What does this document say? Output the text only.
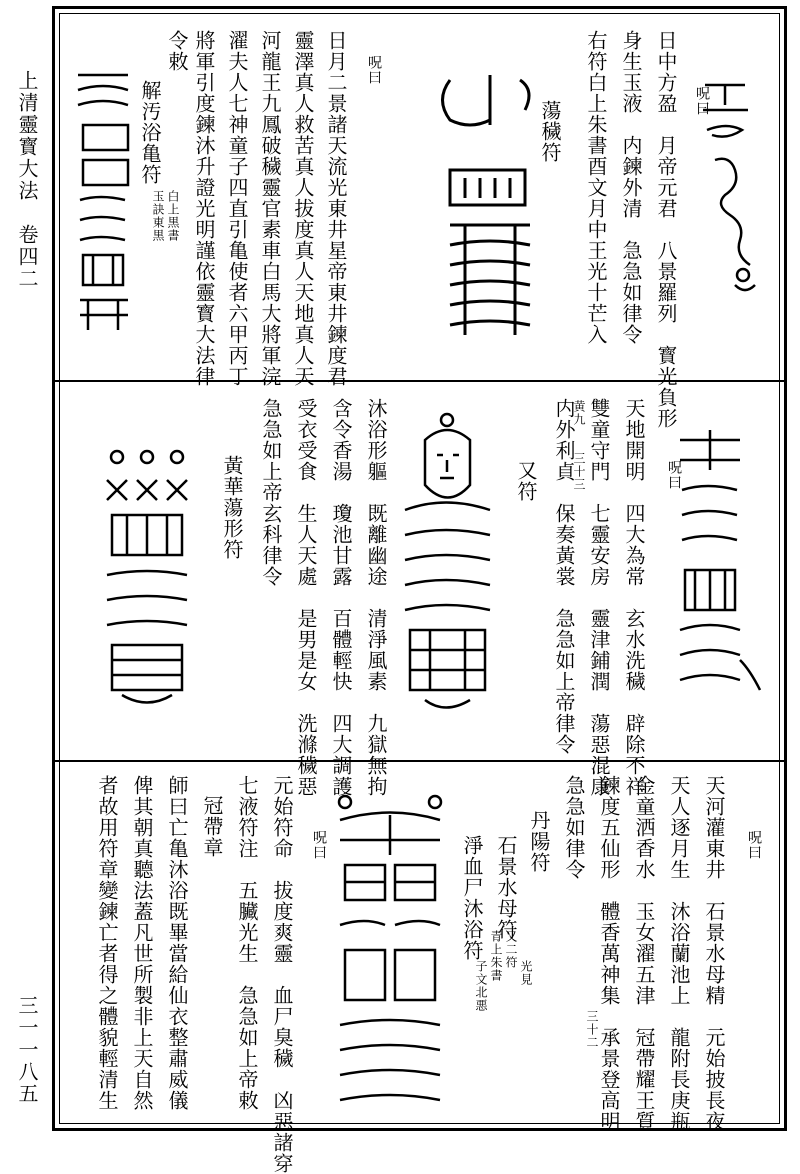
上清靈寳大法　卷四二
三一一八五
日中方盈　月帝元君　八景羅列　寳光負形
身生玉液　内鍊外清　急急如律令
右符白上朱書酉文月中王光十芒入	呪曰
蕩穢符
呪曰
日月二景諸天流光東井星帝東井鍊度君
靈澤真人救苦真人拔度真人天地真人天
河龍王九鳳破穢靈官素車白馬大將軍浣
濯夫人七神童子四直引亀使者六甲丙丁
將軍引度鍊沐升證光明謹依靈寳大法律
令敕
解汚浴亀符
白上黒書
玉訣東黒
呪曰
天地開明　四大為常　玄水洗穢　辟除不祥
雙童守門　七靈安房　靈津鋪潤　蕩惡混康
内外利貞　保奏黃裳　急急如上帝律令
又符	三十三
黄九
沐浴形軀　既離幽途　清淨風素　九獄無拘
含令香湯　瓊池甘露　百體輕快　四大調護
受衣受食　生人天處　是男是女　洗滌穢惡
急急如上帝玄科律令
黃華蕩形符
呪曰
天河灌東井　石景水母精　元始披長夜
天人逐月生　沐浴蘭池上　龍附長庚瓶
金童洒香水　玉女濯五津　冠帶耀王質
鍊度五仙形　體香萬神集　承景登高明
急急如律令
三十二
丹陽符
石景水母符
淨血尸沐浴符 又二符
青上朱書
子文北悪	光見
呪曰
元始符命　拔度爽靈　血尸臭穢　凶惡諸穿
七液符注　五臟光生　急急如上帝敕
冠帶章
師曰亡亀沐浴既畢當給仙衣整肅威儀
俾其朝真聽法蓋凡世所製非上天自然
者故用符章變鍊亡者得之體貌輕清生
